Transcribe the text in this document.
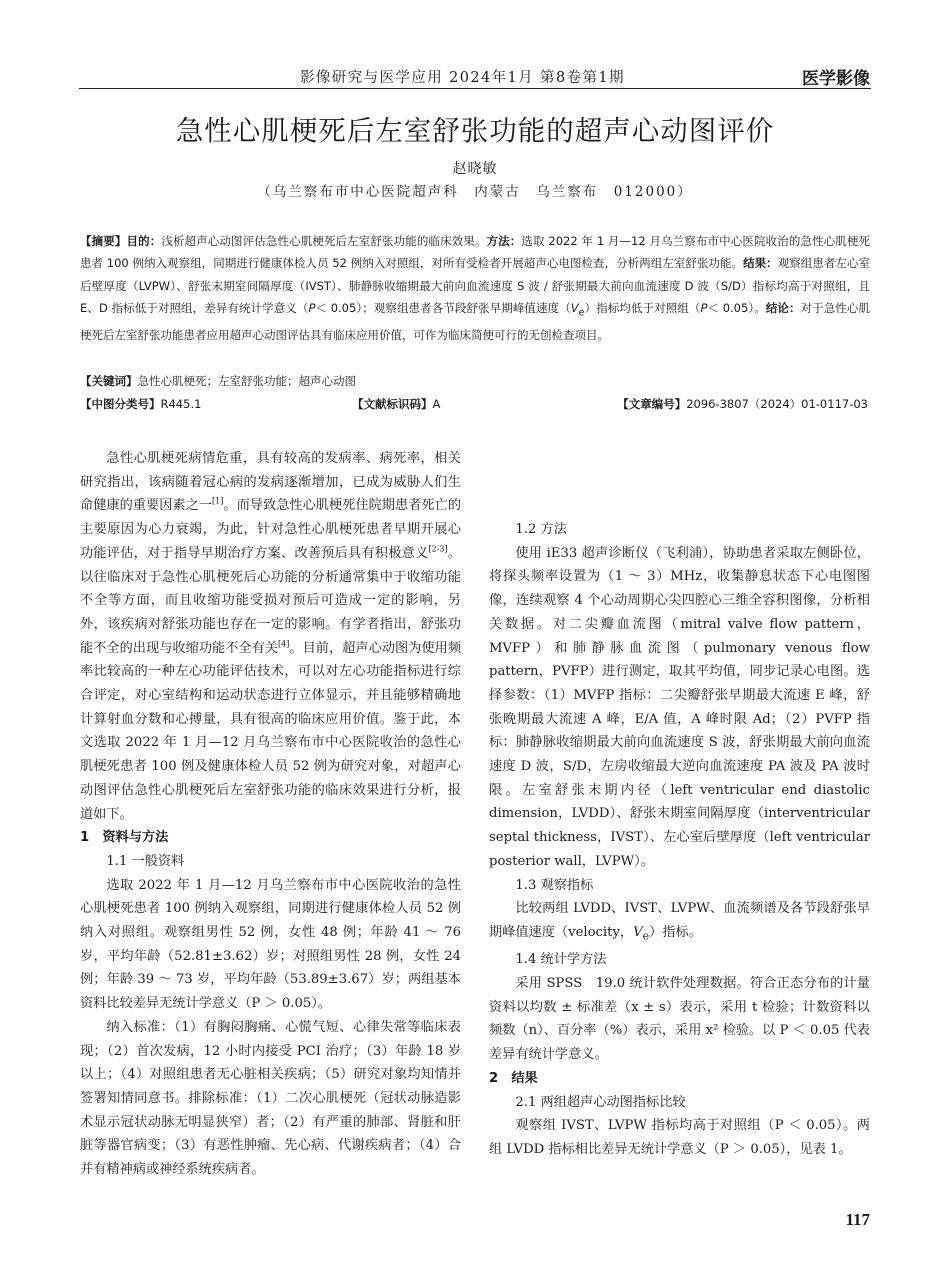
影像研究与医学应用 2024年1月 第8卷第1期	医学影像
急性心肌梗死后左室舒张功能的超声心动图评价
赵晓敏
（乌兰察布市中心医院超声科　内蒙古　乌兰察布　012000）
【摘要】目的：浅析超声心动图评估急性心肌梗死后左室舒张功能的临床效果。方法：选取 2022 年 1 月—12 月乌兰察布市中心医院收治的急性心肌梗死患者 100 例纳入观察组，同期进行健康体检人员 52 例纳入对照组，对所有受检者开展超声心电图检查，分析两组左室舒张功能。结果：观察组患者左心室后壁厚度（LVPW）、舒张末期室间隔厚度（IVST）、肺静脉收缩期最大前向血流速度 S 波 / 舒张期最大前向血流速度 D 波（S/D）指标均高于对照组，且 E、D 指标低于对照组，差异有统计学意义（P＜ 0.05）；观察组患者各节段舒张早期峰值速度$(V_e)$指标均低于对照组（P＜ 0.05）。结论：对于急性心肌梗死后左室舒张功能患者应用超声心动图评估具有临床应用价值，可作为临床简便可行的无创检查项目。
【关键词】急性心肌梗死；左室舒张功能；超声心动图
【中图分类号】R445.1	【文献标识码】A	【文章编号】2096-3807（2024）01-0117-03

急性心肌梗死病情危重，具有较高的发病率、病死率，相关研究指出，该病随着冠心病的发病逐渐增加，已成为威胁人们生命健康的重要因素之一[1]。而导致急性心肌梗死住院期患者死亡的主要原因为心力衰竭，为此，针对急性心肌梗死患者早期开展心功能评估，对于指导早期治疗方案、改善预后具有积极意义[2-3]。以往临床对于急性心肌梗死后心功能的分析通常集中于收缩功能不全等方面，而且收缩功能受损对预后可造成一定的影响，另外，该疾病对舒张功能也存在一定的影响。有学者指出，舒张功能不全的出现与收缩功能不全有关[4]。目前，超声心动图为使用频率比较高的一种左心功能评估技术，可以对左心功能指标进行综合评定，对心室结构和运动状态进行立体显示，并且能够精确地计算射血分数和心搏量，具有很高的临床应用价值。鉴于此，本文选取 2022 年 1 月—12 月乌兰察布市中心医院收治的急性心肌梗死患者 100 例及健康体检人员 52 例为研究对象，对超声心动图评估急性心肌梗死后左室舒张功能的临床效果进行分析，报道如下。

1　资料与方法

1.1 一般资料

选取 2022 年 1 月—12 月乌兰察布市中心医院收治的急性心肌梗死患者 100 例纳入观察组，同期进行健康体检人员 52 例纳入对照组。观察组男性 52 例，女性 48 例；年龄 41 ～ 76 岁，平均年龄（52.81±3.62）岁；对照组男性 28 例，女性 24 例；年龄 39 ～ 73 岁，平均年龄（53.89±3.67）岁；两组基本资料比较差异无统计学意义（P ＞ 0.05）。

纳入标准：（1）有胸闷胸痛、心慌气短、心律失常等临床表现；（2）首次发病，12 小时内接受 PCI 治疗；（3）年龄 18 岁以上；（4）对照组患者无心脏相关疾病；（5）研究对象均知情并签署知情同意书。排除标准：（1）二次心肌梗死（冠状动脉造影术显示冠状动脉无明显狭窄）者；（2）有严重的肺部、肾脏和肝脏等器官病变；（3）有恶性肿瘤、先心病、代谢疾病者；（4）合并有精神病或神经系统疾病者。

1.2 方法

使用 iE33 超声诊断仪（飞利浦），协助患者采取左侧卧位，将探头频率设置为（1 ～ 3）MHz，收集静息状态下心电图图像，连续观察 4 个心动周期心尖四腔心三维全容积图像，分析相关数据。对二尖瓣血流图（mitral valve flow pattern，MVFP）和肺静脉血流图（pulmonary venous flow pattern，PVFP）进行测定，取其平均值，同步记录心电图。选择参数：（1）MVFP 指标：二尖瓣舒张早期最大流速 E 峰，舒张晚期最大流速 A 峰，E/A 值，A 峰时限 Ad；（2）PVFP 指标：肺静脉收缩期最大前向血流速度 S 波，舒张期最大前向血流速度 D 波，S/D，左房收缩最大逆向血流速度 PA 波及 PA 波时限。左室舒张末期内径（left ventricular end diastolic dimension，LVDD）、舒张末期室间隔厚度（interventricular septal thickness，IVST）、左心室后壁厚度（left ventricular posterior wall，LVPW）。

1.3 观察指标

比较两组 LVDD、IVST、LVPW、血流频谱及各节段舒张早期峰值速度（velocity，$V_e$）指标。

1.4 统计学方法

采用 SPSS　19.0 统计软件处理数据。符合正态分布的计量资料以均数 ± 标准差（x ± s）表示，采用 t 检验；计数资料以频数（n）、百分率（%）表示，采用 x² 检验。以 P ＜ 0.05 代表差异有统计学意义。

2　结果

2.1 两组超声心动图指标比较

观察组 IVST、LVPW 指标均高于对照组（P ＜ 0.05）。两组 LVDD 指标相比差异无统计学意义（P ＞ 0.05），见表 1。

117
